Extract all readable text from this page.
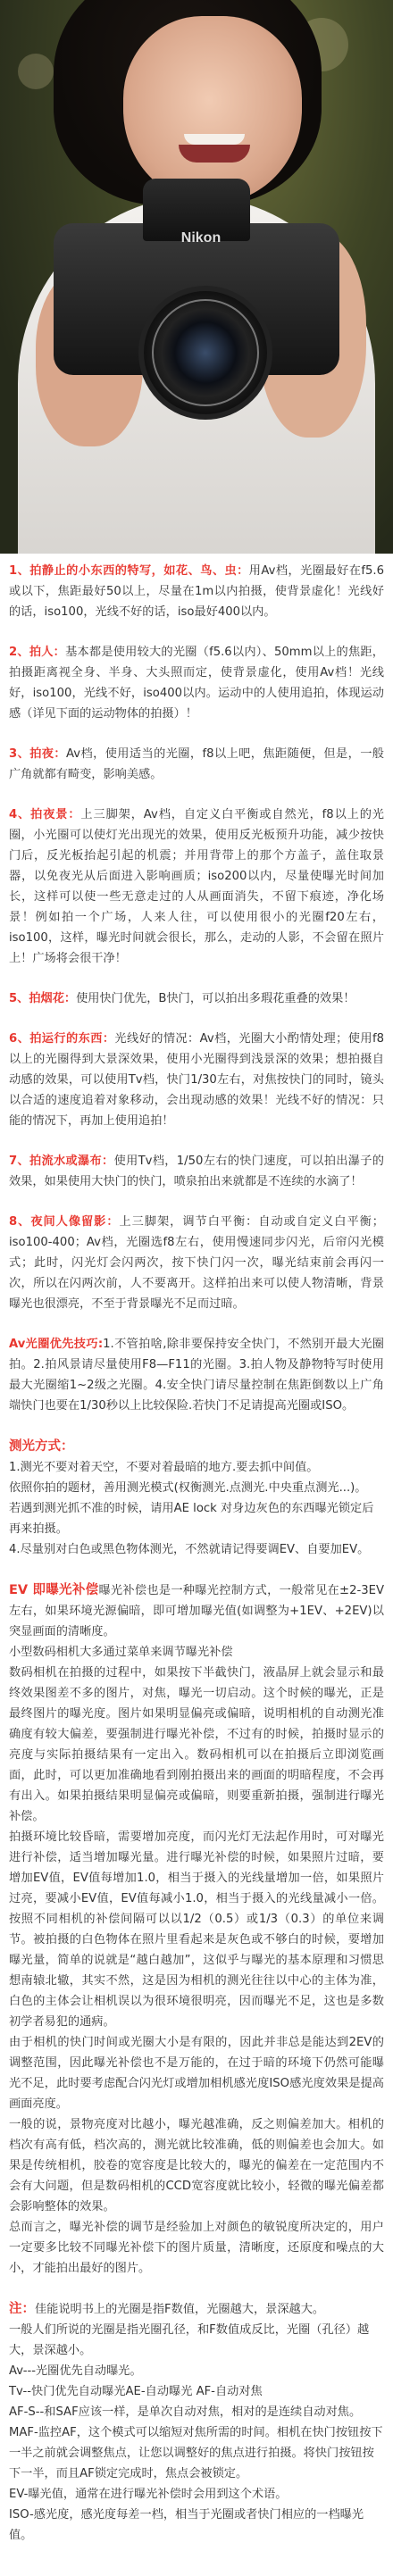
Nikon
1、拍静止的小东西的特写，如花、鸟、虫：用Av档，光圈最好在f5.6或以下，焦距最好50以上，尽量在1m以内拍摄，使背景虚化！光线好的话，iso100，光线不好的话，iso最好400以内。
2、拍人：基本都是使用较大的光圈（f5.6以内）、50mm以上的焦距，拍摄距离视全身、半身、大头照而定，使背景虚化，使用Av档！光线好，iso100，光线不好，iso400以内。运动中的人使用追拍，体现运动感（详见下面的运动物体的拍摄）！
3、拍夜：Av档，使用适当的光圈，f8以上吧，焦距随便，但是，一般广角就都有畸变，影响美感。
4、拍夜景：上三脚架，Av档，自定义白平衡或自然光，f8以上的光圈，小光圈可以使灯光出现光的效果，使用反光板预升功能，减少按快门后，反光板抬起引起的机震；并用背带上的那个方盖子，盖住取景器，以免夜光从后面进入影响画质；iso200以内，尽量使曝光时间加长，这样可以使一些无意走过的人从画面消失，不留下痕迹，净化场景！例如拍一个广场，人来人往，可以使用很小的光圈f20左右，iso100，这样，曝光时间就会很长，那么，走动的人影，不会留在照片上！广场将会很干净！
5、拍烟花：使用快门优先，B快门，可以拍出多瑕花重叠的效果！
6、拍运行的东西：光线好的情况：Av档，光圈大小酌情处理；使用f8以上的光圈得到大景深效果，使用小光圈得到浅景深的效果；想拍摄自动感的效果，可以使用Tv档，快门1/30左右，对焦按快门的同时，镜头以合适的速度追着对象移动，会出现动感的效果！光线不好的情况：只能的情况下，再加上使用追拍！
7、拍流水或瀑布：使用Tv档，1/50左右的快门速度，可以拍出瀑子的效果，如果使用大快门的快门，喷泉拍出来就都是不连续的水滴了！
8、夜间人像留影：上三脚架，调节白平衡：自动或自定义白平衡；iso100-400；Av档，光圈选f8左右，使用慢速同步闪光，后帘闪光模式；此时，闪光灯会闪两次，按下快门闪一次，曝光结束前会再闪一次，所以在闪两次前，人不要离开。这样拍出来可以使人物清晰，背景曝光也很漂亮，不至于背景曝光不足而过暗。
Av光圈优先技巧:1.不管拍啥,除非要保持安全快门，不然别开最大光圈拍。2.拍风景请尽量使用F8—F11的光圈。3.拍人物及静物特写时使用最大光圈缩1~2级之光圈。4.安全快门请尽量控制在焦距倒数以上广角端快门也要在1/30秒以上比较保险.若快门不足请提高光圈或ISO。
测光方式：
1.测光不要对着天空，不要对着最暗的地方.要去抓中间值。
依照你拍的题材，善用测光模式(权衡测光.点测光.中央重点测光...)。
若遇到测光抓不准的时候，请用AE lock 对身边灰色的东西曝光锁定后再来拍摄。
4.尽量别对白色或黑色物体测光，不然就请记得要调EV、自要加EV。
EV 即曝光补偿曝光补偿也是一种曝光控制方式，一般常见在±2-3EV左右，如果环境光源偏暗，即可增加曝光值(如调整为+1EV、+2EV)以突显画面的清晰度。
小型数码相机大多通过菜单来调节曝光补偿
数码相机在拍摄的过程中，如果按下半截快门，液晶屏上就会显示和最终效果图差不多的图片，对焦，曝光一切启动。这个时候的曝光，正是最终图片的曝光度。图片如果明显偏亮或偏暗，说明相机的自动测光准确度有较大偏差，要强制进行曝光补偿，不过有的时候，拍摄时显示的亮度与实际拍摄结果有一定出入。数码相机可以在拍摄后立即浏览画面，此时，可以更加准确地看到刚拍摄出来的画面的明暗程度，不会再有出入。如果拍摄结果明显偏亮或偏暗，则要重新拍摄，强制进行曝光补偿。
拍摄环境比较昏暗，需要增加亮度，而闪光灯无法起作用时，可对曝光进行补偿，适当增加曝光量。进行曝光补偿的时候，如果照片过暗，要增加EV值，EV值每增加1.0，相当于摄入的光线量增加一倍，如果照片过亮，要减小EV值，EV值每减小1.0，相当于摄入的光线量减小一倍。按照不同相机的补偿间隔可以以1/2（0.5）或1/3（0.3）的单位来调节。被拍摄的白色物体在照片里看起来是灰色或不够白的时候，要增加曝光量，简单的说就是“越白越加”，这似乎与曝光的基本原理和习惯思想南辕北辙，其实不然，这是因为相机的测光往往以中心的主体为准，白色的主体会让相机误以为很环境很明亮，因而曝光不足，这也是多数初学者易犯的通病。
由于相机的快门时间或光圈大小是有限的，因此并非总是能达到2EV的调整范围，因此曝光补偿也不是万能的，在过于暗的环境下仍然可能曝光不足，此时要考虑配合闪光灯或增加相机感光度ISO感光度效果是提高画面亮度。
一般的说，景物亮度对比越小，曝光越准确，反之则偏差加大。相机的档次有高有低，档次高的，测光就比较准确，低的则偏差也会加大。如果是传统相机，胶卷的宽容度是比较大的，曝光的偏差在一定范围内不会有大问题，但是数码相机的CCD宽容度就比较小，轻微的曝光偏差都会影响整体的效果。
总而言之，曝光补偿的调节是经验加上对颜色的敏锐度所决定的，用户一定要多比较不同曝光补偿下的图片质量，清晰度，还原度和噪点的大小，才能拍出最好的图片。
注：佳能说明书上的光圈是指F数值，光圈越大，景深越大。
一般人们所说的光圈是指光圈孔径，和F数值成反比，光圈（孔径）越大，景深越小。
Av---光圈优先自动曝光。
Tv--快门优先自动曝光AE-自动曝光 AF-自动对焦
AF-S--和SAF应该一样，是单次自动对焦，相对的是连续自动对焦。
MAF-监控AF，这个模式可以缩短对焦所需的时间。相机在快门按钮按下一半之前就会调整焦点，让您以调整好的焦点进行拍摄。将快门按钮按下一半，而且AF锁定完成时，焦点会被锁定。
EV-曝光值，通常在进行曝光补偿时会用到这个术语。
ISO-感光度，感光度每差一档，相当于光圈或者快门相应的一档曝光值。
